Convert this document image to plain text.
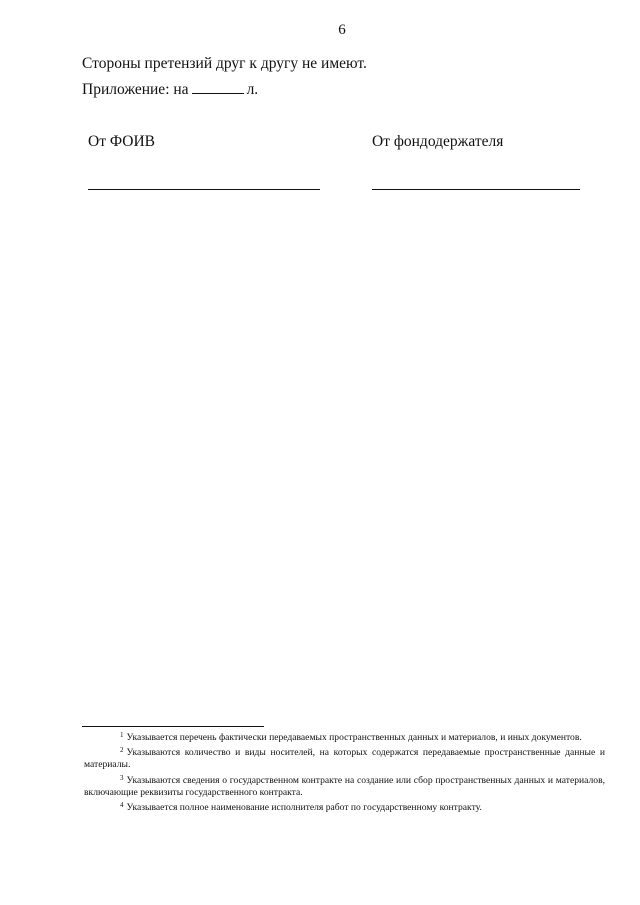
6
Стороны претензий друг к другу не имеют.
Приложение: на	л.
От ФОИВ	От фондодержателя

$^1$ Указывается перечень фактически передаваемых пространственных данных и материалов, и иных документов.

$^2$ Указываются количество и виды носителей, на которых содержатся передаваемые пространственные данные и материалы.

$^3$ Указываются сведения о государственном контракте на создание или сбор пространственных данных и материалов, включающие реквизиты государственного контракта.

$^4$ Указывается полное наименование исполнителя работ по государственному контракту.
